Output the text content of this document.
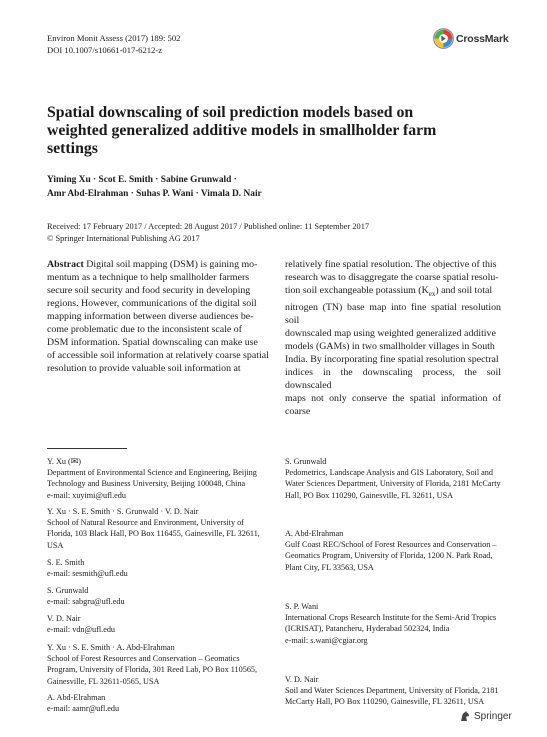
Environ Monit Assess (2017) 189: 502
DOI 10.1007/s10661-017-6212-z
CrossMark
Spatial downscaling of soil prediction models based on weighted generalized additive models in smallholder farm settings
Yiming Xu · Scot E. Smith · Sabine Grunwald ·
Amr Abd-Elrahman · Suhas P. Wani · Vimala D. Nair
Received: 17 February 2017 / Accepted: 28 August 2017 / Published online: 11 September 2017
© Springer International Publishing AG 2017
Abstract Digital soil mapping (DSM) is gaining mo-
mentum as a technique to help smallholder farmers
secure soil security and food security in developing
regions. However, communications of the digital soil
mapping information between diverse audiences be-
come problematic due to the inconsistent scale of
DSM information. Spatial downscaling can make use
of accessible soil information at relatively coarse spatial
resolution to provide valuable soil information at
relatively fine spatial resolution. The objective of this
research was to disaggregate the coarse spatial resolu-
tion soil exchangeable potassium $(K_{ex})$ and soil total
nitrogen (TN) base map into fine spatial resolution soil
downscaled map using weighted generalized additive
models (GAMs) in two smallholder villages in South
India. By incorporating fine spatial resolution spectral
indices in the downscaling process, the soil downscaled
maps not only conserve the spatial information of coarse
Y. Xu (✉)
Department of Environmental Science and Engineering, Beijing
Technology and Business University, Beijing 100048, China
e-mail: xuyimi@ufl.edu
Y. Xu · S. E. Smith · S. Grunwald · V. D. Nair
School of Natural Resource and Environment, University of
Florida, 103 Black Hall, PO Box 116455, Gainesville, FL 32611,
USA
S. E. Smith
e-mail: sesmith@ufl.edu
S. Grunwald
e-mail: sabgru@ufl.edu
V. D. Nair
e-mail: vdn@ufl.edu
Y. Xu · S. E. Smith · A. Abd-Elrahman
School of Forest Resources and Conservation – Geomatics
Program, University of Florida, 301 Reed Lab, PO Box 110565,
Gainesville, FL 32611-0565, USA
A. Abd-Elrahman
e-mail: aamr@ufl.edu
S. Grunwald
Pedometrics, Landscape Analysis and GIS Laboratory, Soil and
Water Sciences Department, University of Florida, 2181 McCarty
Hall, PO Box 110290, Gainesville, FL 32611, USA
A. Abd-Elrahman
Gulf Coast REC/School of Forest Resources and Conservation –
Geomatics Program, University of Florida, 1200 N. Park Road,
Plant City, FL 33563, USA
S. P. Wani
International Crops Research Institute for the Semi-Arid Tropics
(ICRISAT), Patancheru, Hyderabad 502324, India
e-mail: s.wani@cgiar.org
V. D. Nair
Soil and Water Sciences Department, University of Florida, 2181
McCarty Hall, PO Box 110290, Gainesville, FL 32611, USA
Springer
